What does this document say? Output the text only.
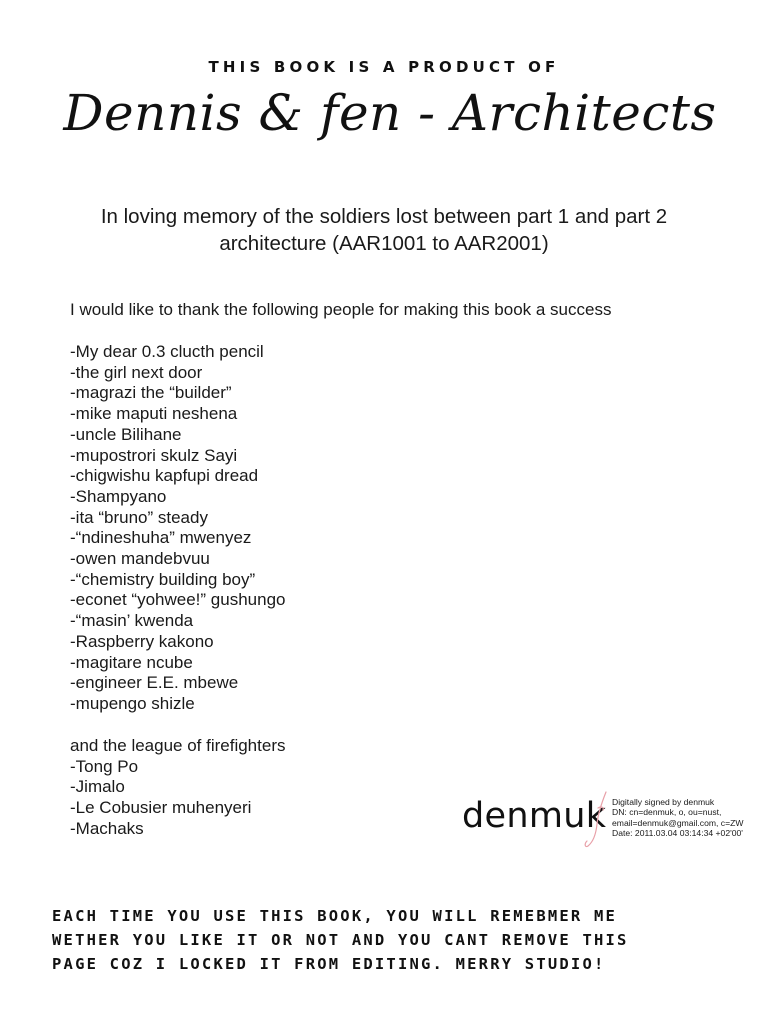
THIS BOOK IS A PRODUCT OF
Dennis & fen - Architects
In loving memory of the soldiers lost between part 1 and part 2
architecture (AAR1001 to AAR2001)
I would like to thank the following people for making this book a success
-My dear 0.3 clucth pencil
-the girl next door
-magrazi the “builder”
-mike maputi neshena
-uncle Bilihane
-mupostrori skulz Sayi
-chigwishu kapfupi dread
-Shampyano
-ita “bruno” steady
-“ndineshuha” mwenyez
-owen mandebvuu
-“chemistry building boy”
-econet “yohwee!” gushungo
-“masin’ kwenda
-Raspberry kakono
-magitare ncube
-engineer E.E. mbewe
-mupengo shizle
and the league of firefighters
-Tong Po
-Jimalo
-Le Cobusier muhenyeri
-Machaks	denmuk Digitally signed by denmuk
DN: cn=denmuk, o, ou=nust,
email=denmuk@gmail.com, c=ZW
Date: 2011.03.04 03:14:34 +02'00'
EACH TIME YOU USE THIS BOOK, YOU WILL REMEBMER ME
WETHER YOU LIKE IT OR NOT AND YOU CANT REMOVE THIS
PAGE COZ I LOCKED IT FROM EDITING. MERRY STUDIO!
